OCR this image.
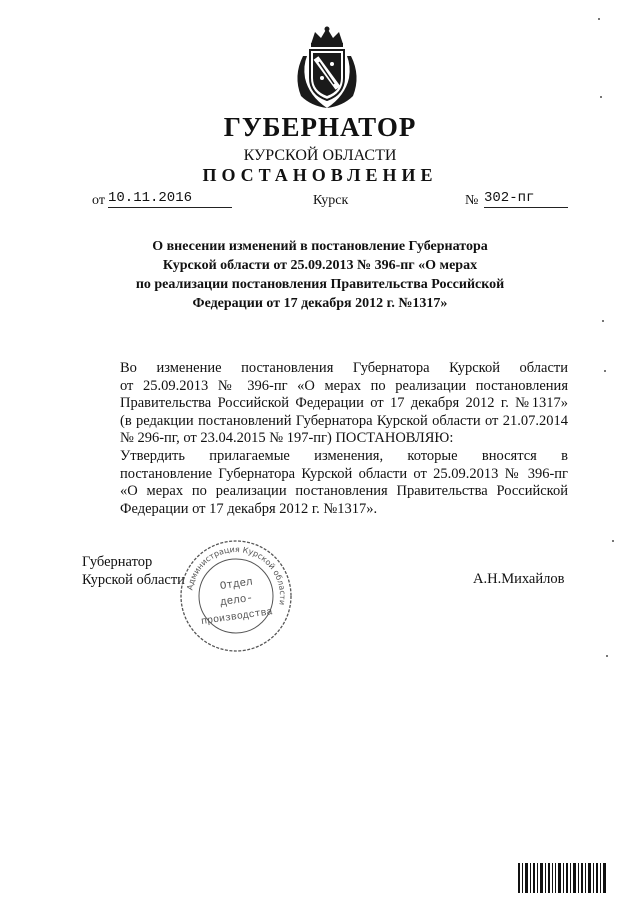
ГУБЕРНАТОР
КУРСКОЙ ОБЛАСТИ
ПОСТАНОВЛЕНИЕ
от 10.11.2016	Курск	№ 302-пг
О внесении изменений в постановление Губернатора
Курской области от 25.09.2013 № 396-пг «О мерах
по реализации постановления Правительства Российской
Федерации от 17 декабря 2012 г. №1317»

Во изменение постановления Губернатора Курской области
от 25.09.2013 № 396-пг «О мерах по реализации постановления
Правительства Российской Федерации от 17 декабря 2012 г. №1317»
(в редакции постановлений Губернатора Курской области от 21.07.2014
№ 296-пг, от 23.04.2015 № 197-пг) ПОСТАНОВЛЯЮ:

Утвердить прилагаемые изменения, которые вносятся в
постановление Губернатора Курской области от 25.09.2013 № 396-пг
«О мерах по реализации постановления Правительства Российской
Федерации от 17 декабря 2012 г. №1317».

Губернатор
Курской области	А.Н.Михайлов
Администрация Курской области
Отдел
дело-
производства
